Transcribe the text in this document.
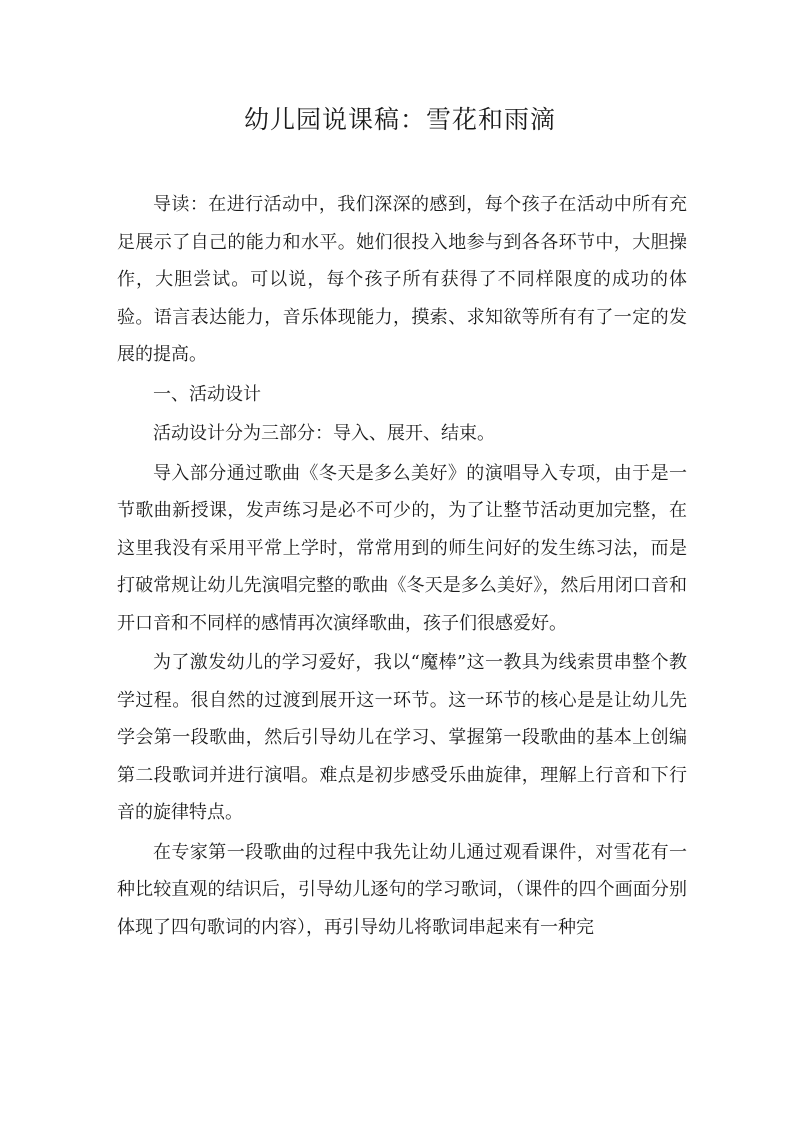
幼儿园说课稿：雪花和雨滴

导读：在进行活动中，我们深深的感到，每个孩子在活动中所有充足展示了自己的能力和水平。她们很投入地参与到各各环节中，大胆操作，大胆尝试。可以说，每个孩子所有获得了不同样限度的成功的体验。语言表达能力，音乐体现能力，摸索、求知欲等所有有了一定的发展的提高。

一、活动设计

活动设计分为三部分：导入、展开、结束。

导入部分通过歌曲《冬天是多么美好》的演唱导入专项，由于是一节歌曲新授课，发声练习是必不可少的，为了让整节活动更加完整，在这里我没有采用平常上学时，常常用到的师生问好的发生练习法，而是打破常规让幼儿先演唱完整的歌曲《冬天是多么美好》，然后用闭口音和开口音和不同样的感情再次演绎歌曲，孩子们很感爱好。

为了激发幼儿的学习爱好，我以“魔棒”这一教具为线索贯串整个教学过程。很自然的过渡到展开这一环节。这一环节的核心是是让幼儿先学会第一段歌曲，然后引导幼儿在学习、掌握第一段歌曲的基本上创编第二段歌词并进行演唱。难点是初步感受乐曲旋律，理解上行音和下行音的旋律特点。

在专家第一段歌曲的过程中我先让幼儿通过观看课件，对雪花有一种比较直观的结识后，引导幼儿逐句的学习歌词，（课件的四个画面分别体现了四句歌词的内容），再引导幼儿将歌词串起来有一种完
